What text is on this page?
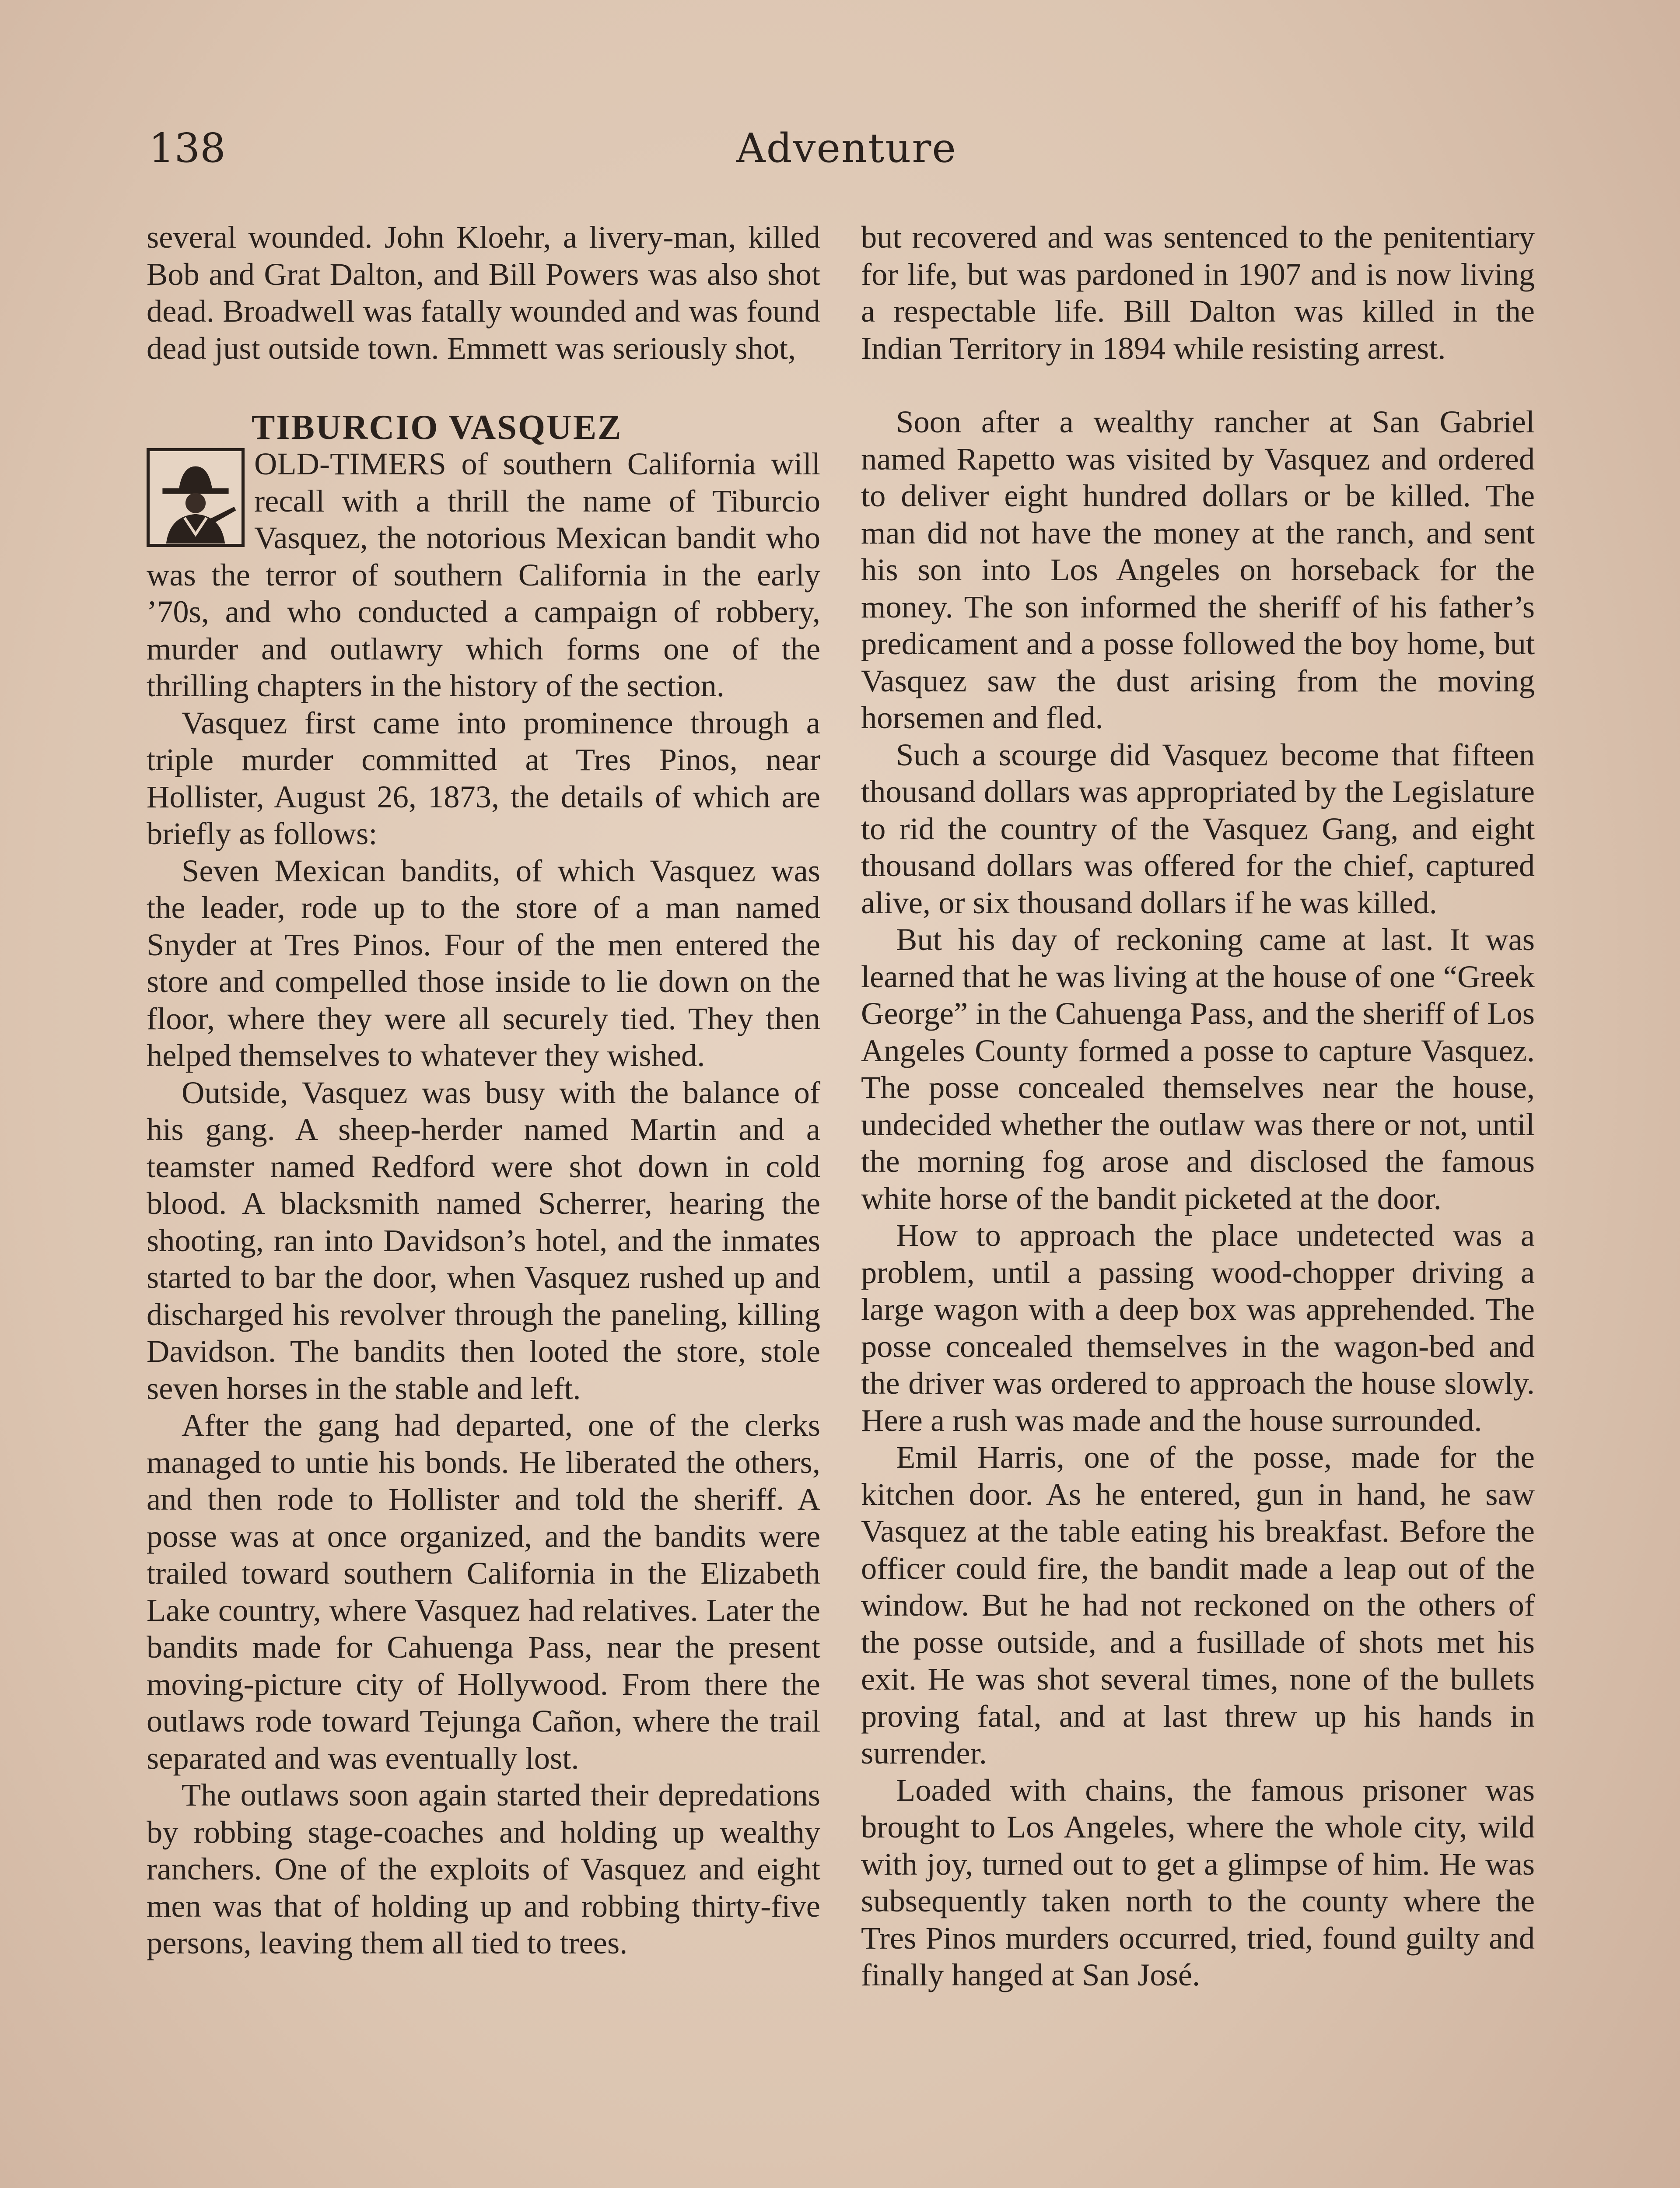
138	Adventure

several wounded. John Kloehr, a livery-man, killed Bob and Grat Dalton, and Bill Powers was also shot dead. Broadwell was fatally wounded and was found dead just outside town. Emmett was seriously shot,

TIBURCIO VASQUEZ

OLD-TIMERS of southern California will recall with a thrill the name of Tiburcio Vasquez, the notorious Mexican bandit who was the terror of southern California in the early ’70s, and who conducted a campaign of robbery, murder and outlawry which forms one of the thrilling chapters in the history of the section.

Vasquez first came into prominence through a triple murder committed at Tres Pinos, near Hollister, August 26, 1873, the details of which are briefly as follows:

Seven Mexican bandits, of which Vasquez was the leader, rode up to the store of a man named Snyder at Tres Pinos. Four of the men entered the store and compelled those inside to lie down on the floor, where they were all securely tied. They then helped themselves to whatever they wished.

Outside, Vasquez was busy with the balance of his gang. A sheep-herder named Martin and a teamster named Redford were shot down in cold blood. A blacksmith named Scherrer, hearing the shooting, ran into Davidson’s hotel, and the inmates started to bar the door, when Vasquez rushed up and discharged his revolver through the paneling, killing Davidson. The bandits then looted the store, stole seven horses in the stable and left.

After the gang had departed, one of the clerks managed to untie his bonds. He liberated the others, and then rode to Hollister and told the sheriff. A posse was at once organized, and the bandits were trailed toward southern California in the Elizabeth Lake country, where Vasquez had relatives. Later the bandits made for Cahuenga Pass, near the present moving-picture city of Hollywood. From there the outlaws rode toward Tejunga Cañon, where the trail separated and was eventually lost.

The outlaws soon again started their depredations by robbing stage-coaches and holding up wealthy ranchers. One of the exploits of Vasquez and eight men was that of holding up and robbing thirty-five persons, leaving them all tied to trees.

but recovered and was sentenced to the penitentiary for life, but was pardoned in 1907 and is now living a respectable life. Bill Dalton was killed in the Indian Territory in 1894 while resisting arrest.

Soon after a wealthy rancher at San Gabriel named Rapetto was visited by Vasquez and ordered to deliver eight hundred dollars or be killed. The man did not have the money at the ranch, and sent his son into Los Angeles on horseback for the money. The son informed the sheriff of his father’s predicament and a posse followed the boy home, but Vasquez saw the dust arising from the moving horsemen and fled.

Such a scourge did Vasquez become that fifteen thousand dollars was appropriated by the Legislature to rid the country of the Vasquez Gang, and eight thousand dollars was offered for the chief, captured alive, or six thousand dollars if he was killed.

But his day of reckoning came at last. It was learned that he was living at the house of one “Greek George” in the Cahuenga Pass, and the sheriff of Los Angeles County formed a posse to capture Vasquez. The posse concealed themselves near the house, undecided whether the outlaw was there or not, until the morning fog arose and disclosed the famous white horse of the bandit picketed at the door.

How to approach the place undetected was a problem, until a passing wood-chopper driving a large wagon with a deep box was apprehended. The posse concealed themselves in the wagon-bed and the driver was ordered to approach the house slowly. Here a rush was made and the house surrounded.

Emil Harris, one of the posse, made for the kitchen door. As he entered, gun in hand, he saw Vasquez at the table eating his breakfast. Before the officer could fire, the bandit made a leap out of the window. But he had not reckoned on the others of the posse outside, and a fusillade of shots met his exit. He was shot several times, none of the bullets proving fatal, and at last threw up his hands in surrender.

Loaded with chains, the famous prisoner was brought to Los Angeles, where the whole city, wild with joy, turned out to get a glimpse of him. He was subsequently taken north to the county where the Tres Pinos murders occurred, tried, found guilty and finally hanged at San José.
